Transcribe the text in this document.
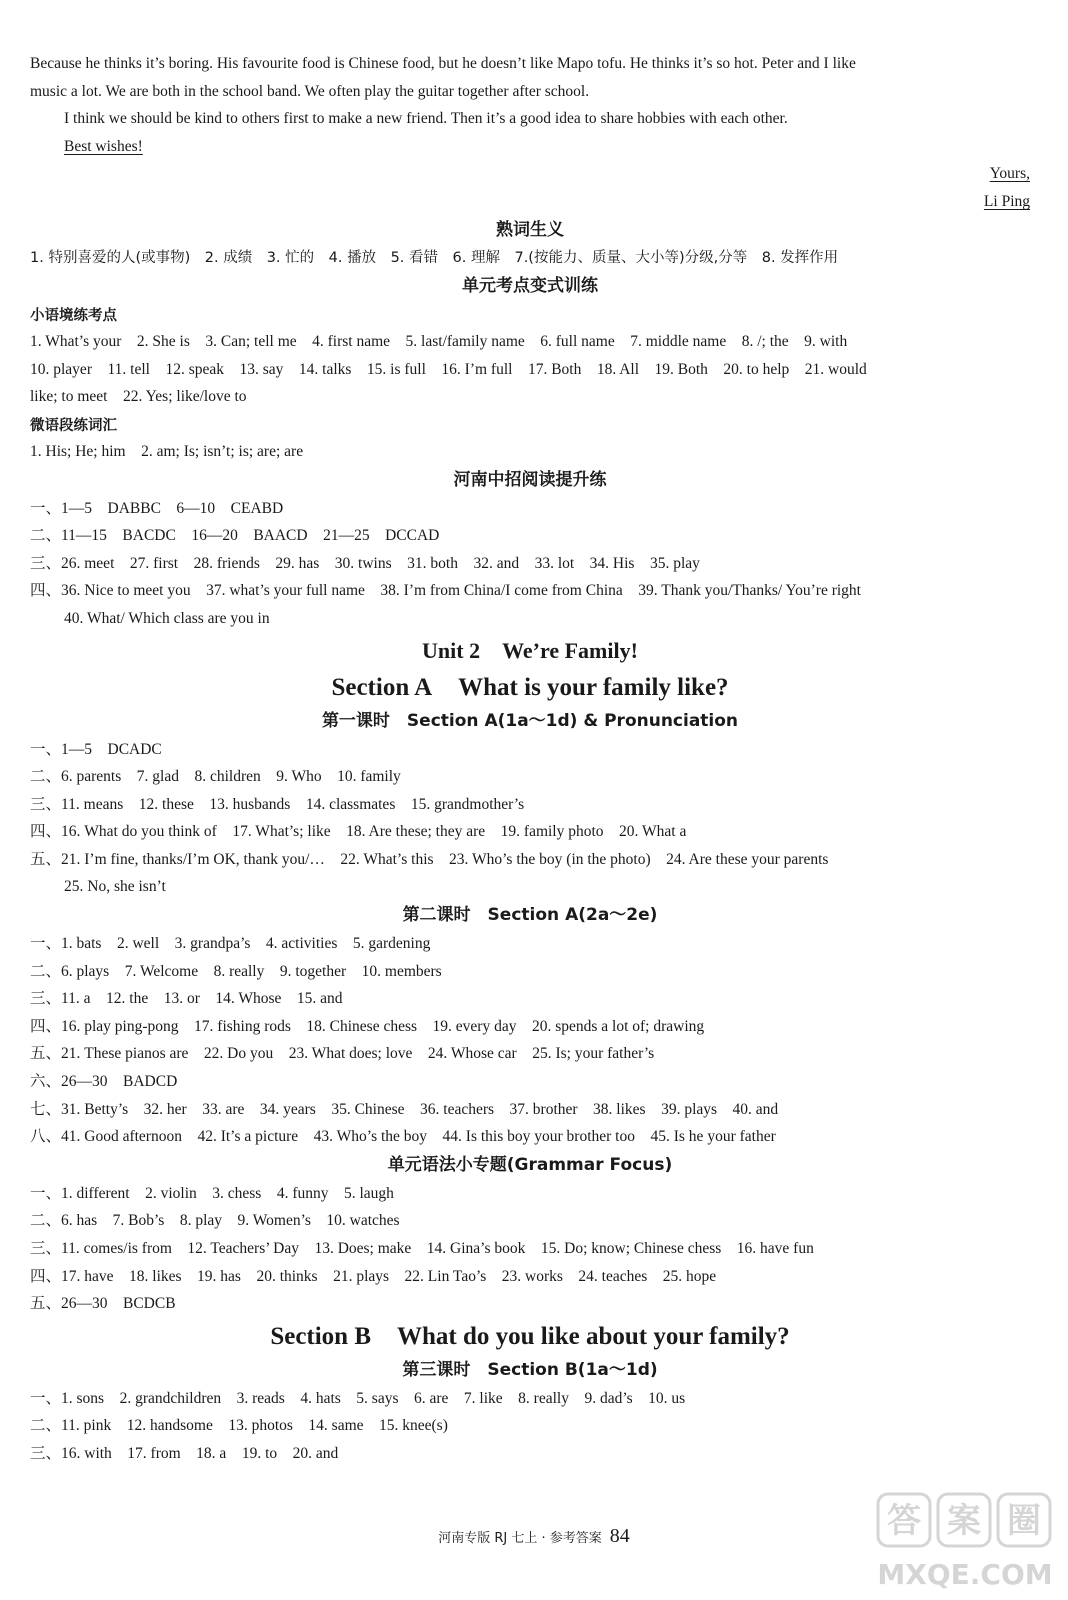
Because he thinks it’s boring. His favourite food is Chinese food, but he doesn’t like Mapo tofu. He thinks it’s so hot. Peter and I like
music a lot. We are both in the school band. We often play the guitar together after school.
I think we should be kind to others first to make a new friend. Then it’s a good idea to share hobbies with each other.
Best wishes!
Yours,
Li Ping
熟词生义
1. 特别喜爱的人(或事物)　2. 成绩　3. 忙的　4. 播放　5. 看错　6. 理解　7.(按能力、质量、大小等)分级,分等　8. 发挥作用
单元考点变式训练
小语境练考点
1. What’s your　2. She is　3. Can; tell me　4. first name　5. last/family name　6. full name　7. middle name　8. /; the　9. with
10. player　11. tell　12. speak　13. say　14. talks　15. is full　16. I’m full　17. Both　18. All　19. Both　20. to help　21. would
like; to meet　22. Yes; like/love to
微语段练词汇
1. His; He; him　2. am; Is; isn’t; is; are; are
河南中招阅读提升练
一、1—5　DABBC　6—10　CEABD
二、11—15　BACDC　16—20　BAACD　21—25　DCCAD
三、26. meet　27. first　28. friends　29. has　30. twins　31. both　32. and　33. lot　34. His　35. play
四、36. Nice to meet you　37. what’s your full name　38. I’m from China/I come from China　39. Thank you/Thanks/ You’re right
40. What/ Which class are you in
Unit 2　We’re Family!
Section A What is your family like?
第一课时　Section A(1a～1d) & Pronunciation
一、1—5　DCADC
二、6. parents　7. glad　8. children　9. Who　10. family
三、11. means　12. these　13. husbands　14. classmates　15. grandmother’s
四、16. What do you think of　17. What’s; like　18. Are these; they are　19. family photo　20. What a
五、21. I’m fine, thanks/I’m OK, thank you/…　22. What’s this　23. Who’s the boy (in the photo)　24. Are these your parents
25. No, she isn’t
第二课时　Section A(2a～2e)
一、1. bats　2. well　3. grandpa’s　4. activities　5. gardening
二、6. plays　7. Welcome　8. really　9. together　10. members
三、11. a　12. the　13. or　14. Whose　15. and
四、16. play ping-pong　17. fishing rods　18. Chinese chess　19. every day　20. spends a lot of; drawing
五、21. These pianos are　22. Do you　23. What does; love　24. Whose car　25. Is; your father’s
六、26—30　BADCD
七、31. Betty’s　32. her　33. are　34. years　35. Chinese　36. teachers　37. brother　38. likes　39. plays　40. and
八、41. Good afternoon　42. It’s a picture　43. Who’s the boy　44. Is this boy your brother too　45. Is he your father
单元语法小专题(Grammar Focus)
一、1. different　2. violin　3. chess　4. funny　5. laugh
二、6. has　7. Bob’s　8. play　9. Women’s　10. watches
三、11. comes/is from　12. Teachers’ Day　13. Does; make　14. Gina’s book　15. Do; know; Chinese chess　16. have fun
四、17. have　18. likes　19. has　20. thinks　21. plays　22. Lin Tao’s　23. works　24. teaches　25. hope
五、26—30　BCDCB
Section B What do you like about your family?
第三课时　Section B(1a～1d)
一、1. sons　2. grandchildren　3. reads　4. hats　5. says　6. are　7. like　8. really　9. dad’s　10. us
二、11. pink　12. handsome　13. photos　14. same　15. knee(s)
三、16. with　17. from　18. a　19. to　20. and
河南专版 RJ 七上 · 参考答案 84	答 案 圈
MXQE.COM
